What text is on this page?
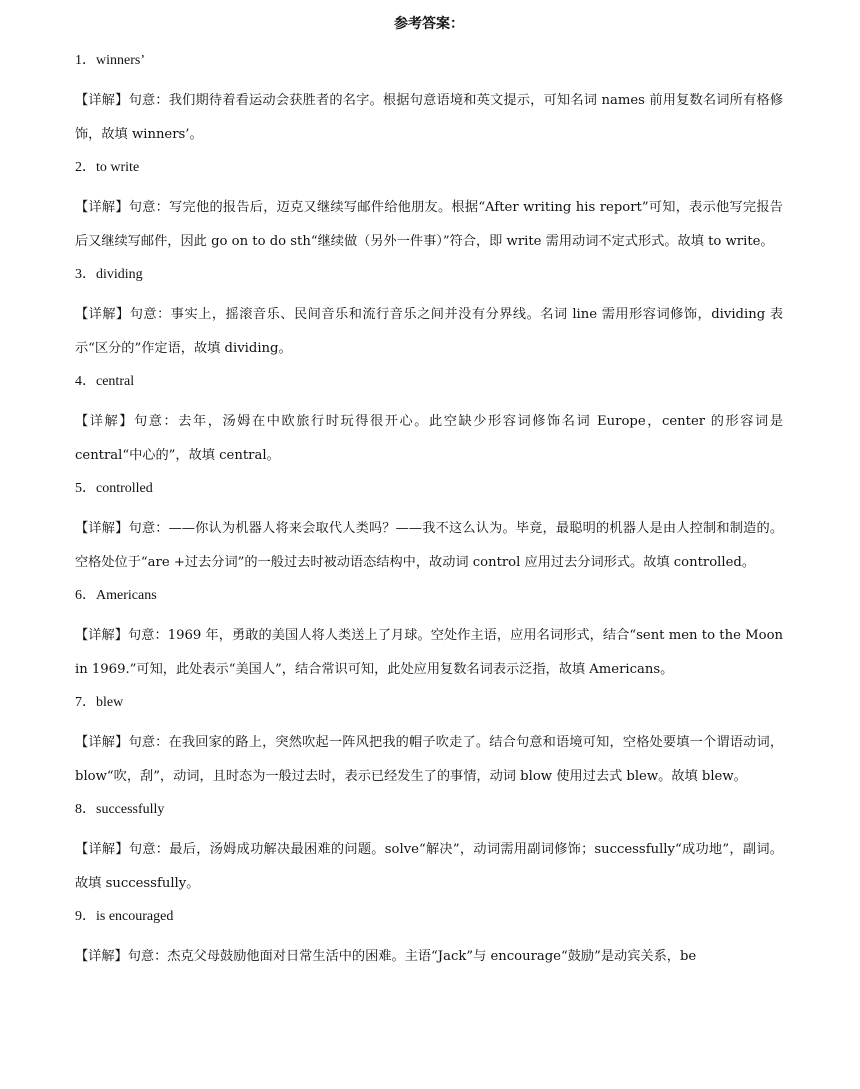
参考答案：
1．winners’
【详解】句意：我们期待着看运动会获胜者的名字。根据句意语境和英文提示，可知名词 names 前用复数名词所有格修饰，故填 winners’。
2．to write
【详解】句意：写完他的报告后，迈克又继续写邮件给他朋友。根据“After writing his report”可知，表示他写完报告后又继续写邮件，因此 go on to do sth“继续做（另外一件事）”符合，即 write 需用动词不定式形式。故填 to write。
3．dividing
【详解】句意：事实上，摇滚音乐、民间音乐和流行音乐之间并没有分界线。名词 line 需用形容词修饰，dividing 表示“区分的”作定语，故填 dividing。
4．central
【详解】句意：去年，汤姆在中欧旅行时玩得很开心。此空缺少形容词修饰名词 Europe，center 的形容词是 central“中心的”，故填 central。
5．controlled
【详解】句意：——你认为机器人将来会取代人类吗？——我不这么认为。毕竟，最聪明的机器人是由人控制和制造的。空格处位于“are +过去分词”的一般过去时被动语态结构中，故动词 control 应用过去分词形式。故填 controlled。
6．Americans
【详解】句意：1969 年，勇敢的美国人将人类送上了月球。空处作主语，应用名词形式，结合“sent men to the Moon in 1969.”可知，此处表示“美国人”，结合常识可知，此处应用复数名词表示泛指，故填 Americans。
7．blew
【详解】句意：在我回家的路上，突然吹起一阵风把我的帽子吹走了。结合句意和语境可知，空格处要填一个谓语动词，blow“吹，刮”，动词，且时态为一般过去时，表示已经发生了的事情，动词 blow 使用过去式 blew。故填 blew。
8．successfully
【详解】句意：最后，汤姆成功解决最困难的问题。solve“解决”，动词需用副词修饰；successfully“成功地”，副词。故填 successfully。
9．is encouraged
【详解】句意：杰克父母鼓励他面对日常生活中的困难。主语“Jack”与 encourage“鼓励”是动宾关系，be
